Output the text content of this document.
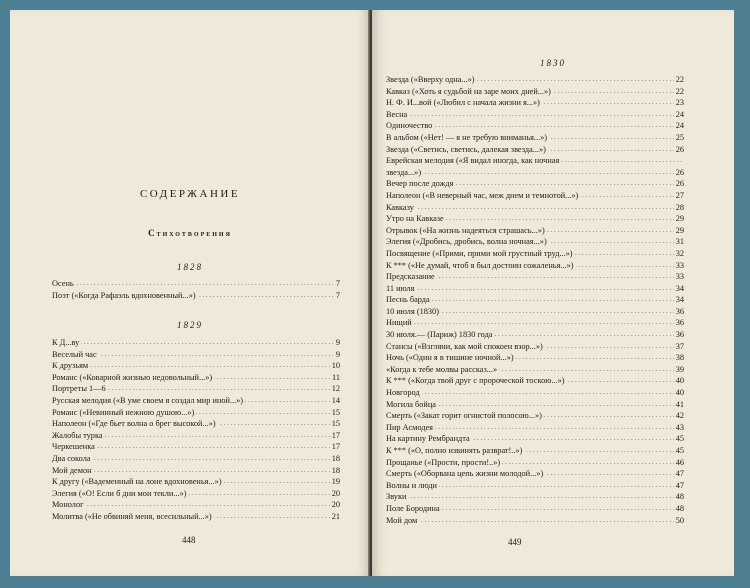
СОДЕРЖАНИЕ
Стихотворения
1828
Осень	7
. . .
Поэт («Когда Рафаэль вдохновенный...»)	7
. . .
1829
К Д...ву	9
. . .
Веселый час	9
. . .
К друзьям	10
. . .
Романс («Коварной жизнью недовольный...»)	11
. . .
Портреты 1—6	12
. . .
Русская мелодия («В уме своем я создал мир иной...»)	14
. . .
Романс («Невинный нежною душою...»)	15
. . .
Наполеон («Где бьет волна о брег высокой...»)	15
. . .
Жалобы турка	17
. . .
Черкешенка	17
. . .
Два сокола	18
. . .
Мой демон	18
. . .
К другу («Вадеменный на лоне вдохновенья...»)	19
. . .
Элегия («О! Если б дни мои текли...»)	20
. . .
Монолог	20
. . .
Молитва («Не обвиняй меня, всесильный...»)	21
. . .
448
1830
Звезда («Вверху одна...»)	22
. . .
Кавказ («Хоть я судьбой на заре моих дней...»)	22
. . .
Н. Ф. И...вой («Любил с начала жизни я...»)	23
. . .
Весна	24
. . .
Одиночество	24
. . .
В альбом («Нет! — я не требую вниманья...»)	25
. . .
Звезда («Светись, светись, далекая звезда...»)	26
. . .
Еврейская мелодия («Я видал иногда, как ночная
. . .
звезда...»)	26
. . .
Вечер после дождя	26
. . .
Наполеон («В неверный час, меж днем и темнотой...»)	27
. . .
Кавказу	28
. . .
Утро на Кавказе	29
. . .
Отрывок («На жизнь надеяться страшась...»)	29
. . .
Элегия («Дробись, дробись, волна ночная...»)	31
. . .
Посвящение («Прими, прими мой грустный труд...»)	32
. . .
К *** («Не думай, чтоб я был достоин сожаленья...»)	33
. . .
Предсказание	33
. . .
11 июля	34
. . .
Песнь барда	34
. . .
10 июля (1830)	36
. . .
Нищий	36
. . .
30 июля.— (Париж) 1830 года	36
. . .
Стансы («Взгляни, как мой спокоен взор...»)	37
. . .
Ночь («Один я в тишине ночной...»)	38
. . .
«Когда к тебе молвы рассказ...»	39
. . .
К *** («Когда твой друг с пророческой тоскою...»)	40
. . .
Новгород	40
. . .
Могила бойца	41
. . .
Смерть («Закат горит огнистой полосою...»)	42
. . .
Пир Асмодея	43
. . .
На картину Рембрандта	45
. . .
К *** («О, полно извинять разврат!..»)	45
. . .
Прощанье («Прости, прости!..»)	46
. . .
Смерть («Оборвана цепь жизни молодой...»)	47
. . .
Волны и люди	47
. . .
Звуки	48
. . .
Поле Бородина	48
. . .
Мой дом	50
. . .
449
